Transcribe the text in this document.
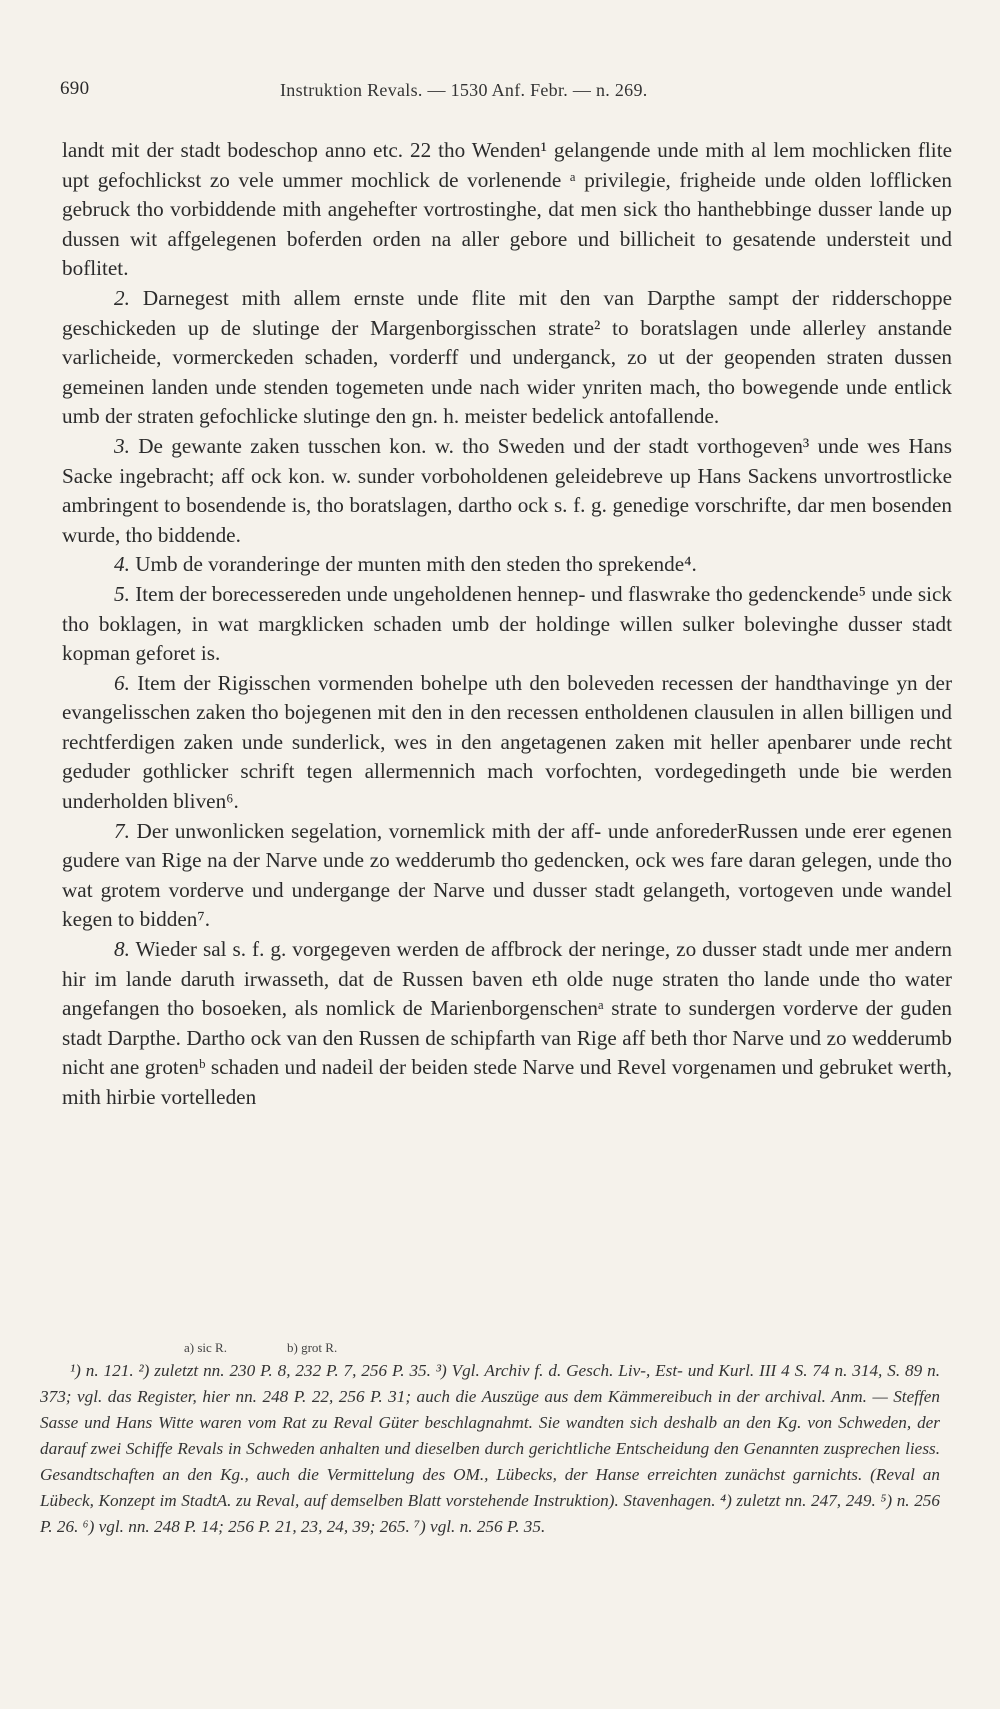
690	Instruktion Revals. — 1530 Anf. Febr. — n. 269.

landt mit der stadt bodeschop anno etc. 22 tho Wenden¹ gelangende unde mith al lem mochlicken flite upt gefochlickst zo vele ummer mochlick de vorlenende ᵃ privilegie, frigheide unde olden lofflicken gebruck tho vorbiddende mith angehefter vortrostinghe, dat men sick tho hanthebbinge dusser lande up dussen wit affgelegenen boferden orden na aller gebore und billicheit to gesatende understeit und boflitet.

2. Darnegest mith allem ernste unde flite mit den van Darpthe sampt der ridderschoppe geschickeden up de slutinge der Margenborgisschen strate² to boratslagen unde allerley anstande varlicheide, vormerckeden schaden, vorderff und underganck, zo ut der geopenden straten dussen gemeinen landen unde stenden togemeten unde nach wider ynriten mach, tho bowegende unde entlick umb der straten gefochlicke slutinge den gn. h. meister bedelick antofallende.

3. De gewante zaken tusschen kon. w. tho Sweden und der stadt vorthogeven³ unde wes Hans Sacke ingebracht; aff ock kon. w. sunder vorboholdenen geleidebreve up Hans Sackens unvortrostlicke ambringent to bosendende is, tho boratslagen, dartho ock s. f. g. genedige vorschrifte, dar men bosenden wurde, tho biddende.

4. Umb de voranderinge der munten mith den steden tho sprekende⁴.

5. Item der borecessereden unde ungeholdenen hennep- und flaswrake tho gedenckende⁵ unde sick tho boklagen, in wat margklicken schaden umb der holdinge willen sulker bolevinghe dusser stadt kopman geforet is.

6. Item der Rigisschen vormenden bohelpe uth den boleveden recessen der handthavinge yn der evangelisschen zaken tho bojegenen mit den in den recessen entholdenen clausulen in allen billigen und rechtferdigen zaken unde sunderlick, wes in den angetagenen zaken mit heller apenbarer unde recht geduder gothlicker schrift tegen allermennich mach vorfochten, vordegedingeth unde bie werden underholden bliven⁶.

7. Der unwonlicken segelation, vornemlick mith der aff- unde anforederRussen unde erer egenen gudere van Rige na der Narve unde zo wedderumb tho gedencken, ock wes fare daran gelegen, unde tho wat grotem vorderve und undergange der Narve und dusser stadt gelangeth, vortogeven unde wandel kegen to bidden⁷.

8. Wieder sal s. f. g. vorgegeven werden de affbrock der neringe, zo dusser stadt unde mer andern hir im lande daruth irwasseth, dat de Russen baven eth olde nuge straten tho lande unde tho water angefangen tho bosoeken, als nomlick de Marienborgenschenᵃ strate to sundergen vorderve der guden stadt Darpthe. Dartho ock van den Russen de schipfarth van Rige aff beth thor Narve und zo wedderumb nicht ane grotenᵇ schaden und nadeil der beiden stede Narve und Revel vorgenamen und gebruket werth, mith hirbie vortelleden

a) sic R.	b) grot R.

¹) n. 121. ²) zuletzt nn. 230 P. 8, 232 P. 7, 256 P. 35. ³) Vgl. Archiv f. d. Gesch. Liv-, Est- und Kurl. III 4 S. 74 n. 314, S. 89 n. 373; vgl. das Register, hier nn. 248 P. 22, 256 P. 31; auch die Auszüge aus dem Kämmereibuch in der archival. Anm. — Steffen Sasse und Hans Witte waren vom Rat zu Reval Güter beschlagnahmt. Sie wandten sich deshalb an den Kg. von Schweden, der darauf zwei Schiffe Revals in Schweden anhalten und dieselben durch gerichtliche Entscheidung den Genannten zusprechen liess. Gesandtschaften an den Kg., auch die Vermittelung des OM., Lübecks, der Hanse erreichten zunächst garnichts. (Reval an Lübeck, Konzept im StadtA. zu Reval, auf demselben Blatt vorstehende Instruktion). Stavenhagen. ⁴) zuletzt nn. 247, 249. ⁵) n. 256 P. 26. ⁶) vgl. nn. 248 P. 14; 256 P. 21, 23, 24, 39; 265. ⁷) vgl. n. 256 P. 35.
